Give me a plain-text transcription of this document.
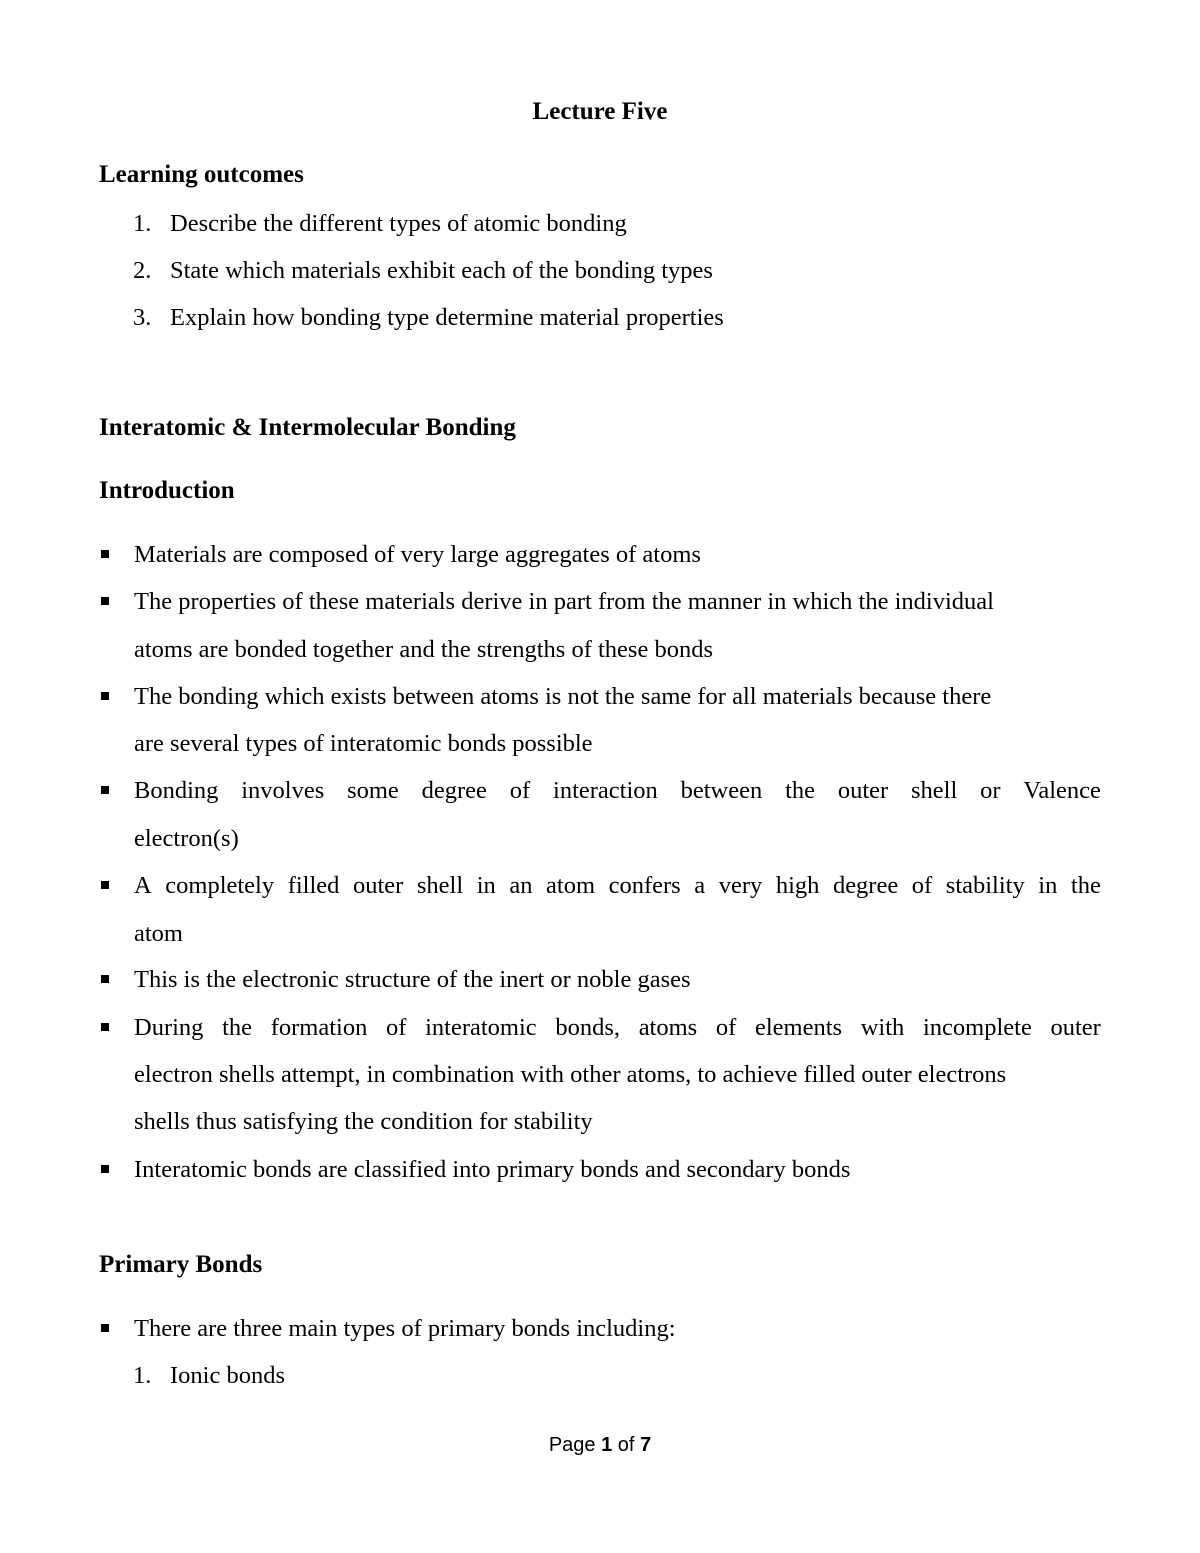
Lecture Five
Learning outcomes
1. Describe the different types of atomic bonding
2. State which materials exhibit each of the bonding types
3. Explain how bonding type determine material properties
Interatomic & Intermolecular Bonding
Introduction
Materials are composed of very large aggregates of atoms
The properties of these materials derive in part from the manner in which the individual
atoms are bonded together and the strengths of these bonds
The bonding which exists between atoms is not the same for all materials because there
are several types of interatomic bonds possible
Bonding involves some degree of interaction between the outer shell or Valence
electron(s)
A completely filled outer shell in an atom confers a very high degree of stability in the
atom
This is the electronic structure of the inert or noble gases
During the formation of interatomic bonds, atoms of elements with incomplete outer
electron shells attempt, in combination with other atoms, to achieve filled outer electrons
shells thus satisfying the condition for stability
Interatomic bonds are classified into primary bonds and secondary bonds
Primary Bonds
There are three main types of primary bonds including:
1. Ionic bonds
Page 1 of 7
